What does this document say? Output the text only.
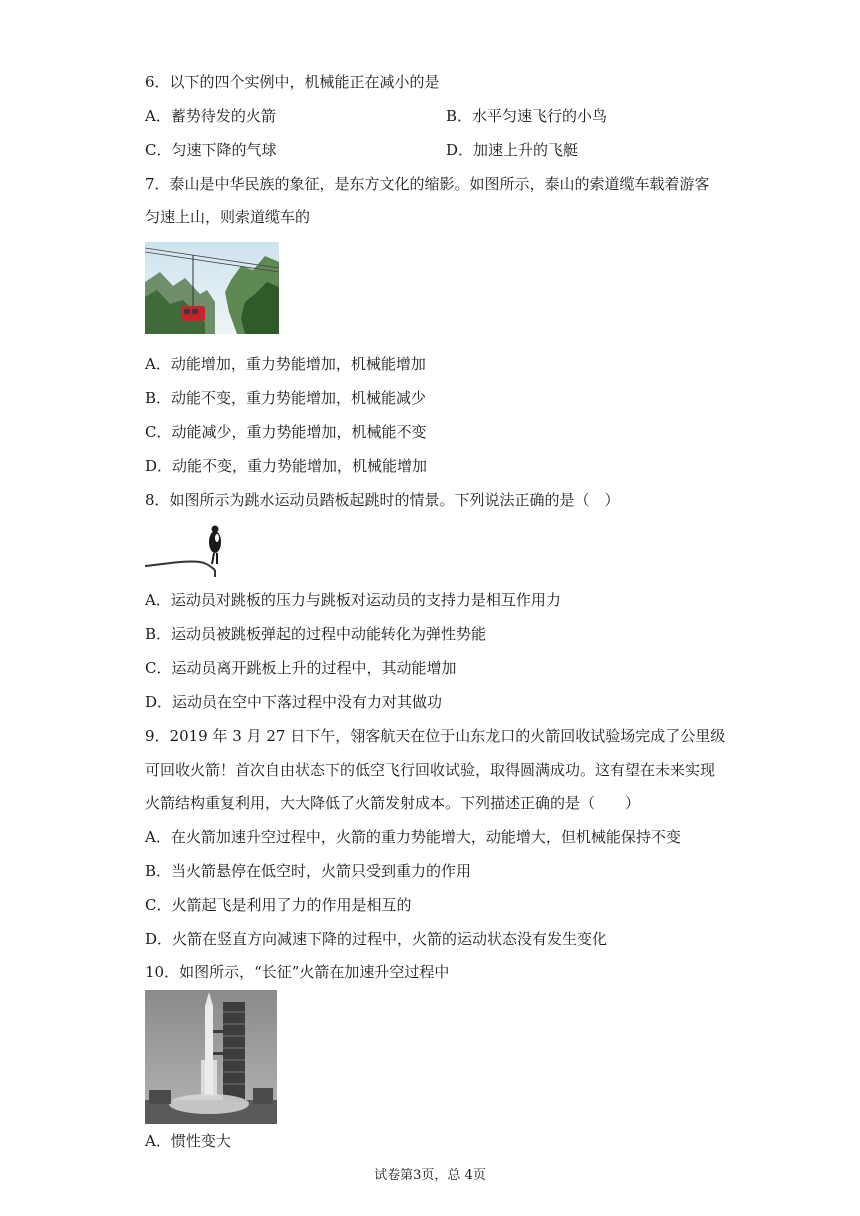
6．以下的四个实例中，机械能正在减小的是
A．蓄势待发的火箭	B．水平匀速飞行的小鸟
C．匀速下降的气球	D．加速上升的飞艇
7．泰山是中华民族的象征，是东方文化的缩影。如图所示，泰山的索道缆车载着游客
匀速上山，则索道缆车的
A．动能增加，重力势能增加，机械能增加
B．动能不变，重力势能增加，机械能减少
C．动能减少，重力势能增加，机械能不变
D．动能不变，重力势能增加，机械能增加
8．如图所示为跳水运动员踏板起跳时的情景。下列说法正确的是（　）
A．运动员对跳板的压力与跳板对运动员的支持力是相互作用力
B．运动员被跳板弹起的过程中动能转化为弹性势能
C．运动员离开跳板上升的过程中，其动能增加
D．运动员在空中下落过程中没有力对其做功
9．2019 年 3 月 27 日下午，翎客航天在位于山东龙口的火箭回收试验场完成了公里级
可回收火箭！首次自由状态下的低空飞行回收试验，取得圆满成功。这有望在未来实现
火箭结构重复利用，大大降低了火箭发射成本。下列描述正确的是（　　）
A．在火箭加速升空过程中，火箭的重力势能增大，动能增大，但机械能保持不变
B．当火箭悬停在低空时，火箭只受到重力的作用
C．火箭起飞是利用了力的作用是相互的
D．火箭在竖直方向减速下降的过程中，火箭的运动状态没有发生变化
10．如图所示，“长征”火箭在加速升空过程中
A．惯性变大
试卷第3页，总 4页
